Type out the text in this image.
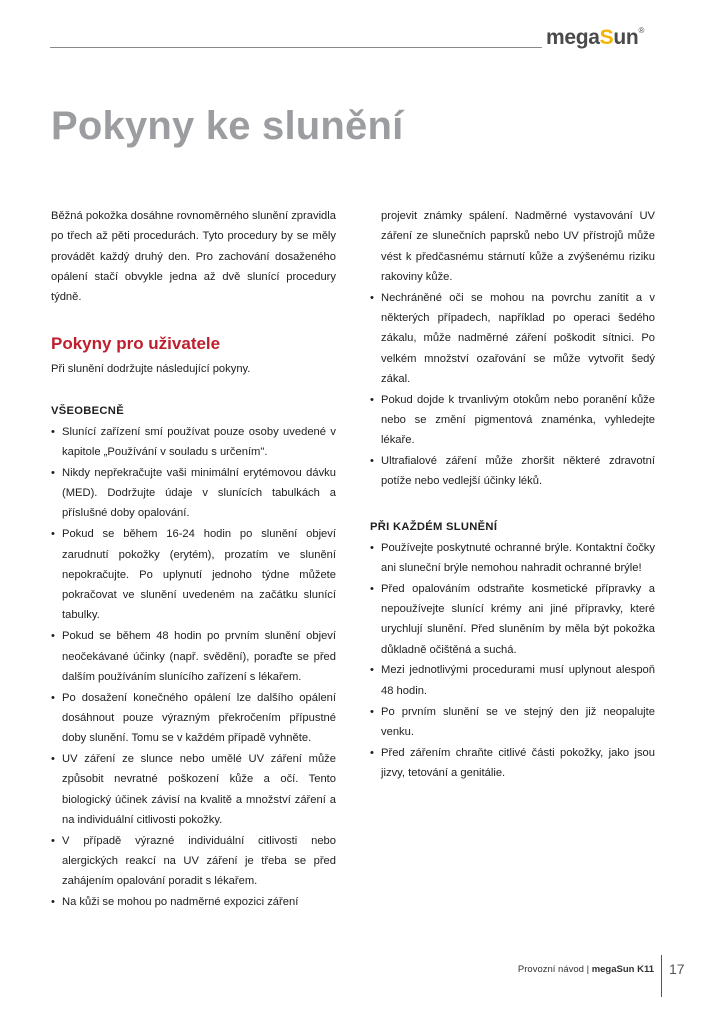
megaSun®
Pokyny ke slunění

Běžná pokožka dosáhne rovnoměrného slunění zpravidla po třech až pěti procedurách. Tyto procedury by se měly provádět každý druhý den. Pro zachování dosaženého opálení stačí obvykle jedna až dvě slunící procedury týdně.

Pokyny pro uživatele

Při slunění dodržujte následující pokyny.

VŠEOBECNĚ
• Slunící zařízení smí používat pouze osoby uvedené v kapitole „Používání v souladu s určením".
• Nikdy nepřekračujte vaši minimální erytémovou dávku (MED). Dodržujte údaje v slunících tabulkách a příslušné doby opalování.
• Pokud se během 16-24 hodin po slunění objeví zarudnutí pokožky (erytém), prozatím ve slunění nepokračujte. Po uplynutí jednoho týdne můžete pokračovat ve slunění uvedeném na začátku slunící tabulky.
• Pokud se během 48 hodin po prvním slunění objeví neočekávané účinky (např. svědění), poraďte se před dalším používáním slunícího zařízení s lékařem.
• Po dosažení konečného opálení lze dalšího opálení dosáhnout pouze výrazným překročením přípustné doby slunění. Tomu se v každém případě vyhněte.
• UV záření ze slunce nebo umělé UV záření může způsobit nevratné poškození kůže a očí. Tento biologický účinek závisí na kvalitě a množství záření a na individuální citlivosti pokožky.
• V případě výrazné individuální citlivosti nebo alergických reakcí na UV záření je třeba se před zahájením opalování poradit s lékařem.
• Na kůži se mohou po nadměrné expozici záření
projevit známky spálení. Nadměrné vystavování UV záření ze slunečních paprsků nebo UV přístrojů může vést k předčasnému stárnutí kůže a zvýšenému riziku rakoviny kůže.
• Nechráněné oči se mohou na povrchu zanítit a v některých případech, například po operaci šedého zákalu, může nadměrné záření poškodit sítnici. Po velkém množství ozařování se může vytvořit šedý zákal.
• Pokud dojde k trvanlivým otokům nebo poranění kůže nebo se změní pigmentová znaménka, vyhledejte lékaře.
• Ultrafialové záření může zhoršit některé zdravotní potíže nebo vedlejší účinky léků.
PŘI KAŽDÉM SLUNĚNÍ
• Používejte poskytnuté ochranné brýle. Kontaktní čočky ani sluneční brýle nemohou nahradit ochranné brýle!
• Před opalováním odstraňte kosmetické přípravky a nepoužívejte slunící krémy ani jiné přípravky, které urychlují slunění. Před sluněním by měla být pokožka důkladně očištěná a suchá.
• Mezi jednotlivými procedurami musí uplynout alespoň 48 hodin.
• Po prvním slunění se ve stejný den již neopalujte venku.
• Před zářením chraňte citlivé části pokožky, jako jsou jizvy, tetování a genitálie.
Provozní návod | megaSun K11 17
